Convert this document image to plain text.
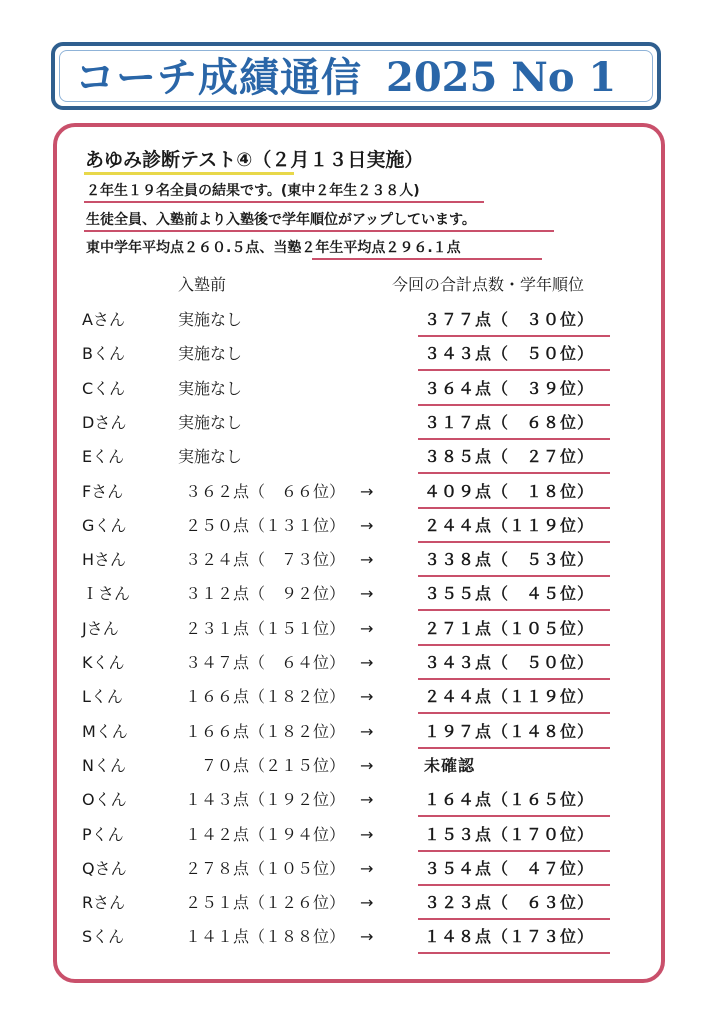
コーチ成績通信 2025 No 1
あゆみ診断テスト④（２月１３日実施）
２年生１９名全員の結果です。(東中２年生２３８人)
生徒全員、入塾前より入塾後で学年順位がアップしています。
東中学年平均点２６０.５点、当塾２年生平均点２９６.１点
入塾前	今回の合計点数・学年順位
Aさん	実施なし	３７７点（　３０位）
Bくん	実施なし	３４３点（　５０位）
Cくん	実施なし	３６４点（　３９位）
Dさん	実施なし	３１７点（　６８位）
Eくん	実施なし	３８５点（　２７位）
Fさん	３６２点（　６６位） →	４０９点（　１８位）
Gくん	２５０点（１３１位） →	２４４点（１１９位）
Hさん	３２４点（　７３位） →	３３８点（　５３位）
Ｉさん	３１２点（　９２位） →	３５５点（　４５位）
Jさん	２３１点（１５１位） →	２７１点（１０５位）
Kくん	３４７点（　６４位） →	３４３点（　５０位）
Lくん	１６６点（１８２位） →	２４４点（１１９位）
Mくん	１６６点（１８２位） →	１９７点（１４８位）
Nくん	７０点（２１５位） →	未確認
Oくん	１４３点（１９２位） →	１６４点（１６５位）
Pくん	１４２点（１９４位） →	１５３点（１７０位）
Qさん	２７８点（１０５位） →	３５４点（　４７位）
Rさん	２５１点（１２６位） →	３２３点（　６３位）
Sくん	１４１点（１８８位） →	１４８点（１７３位）
